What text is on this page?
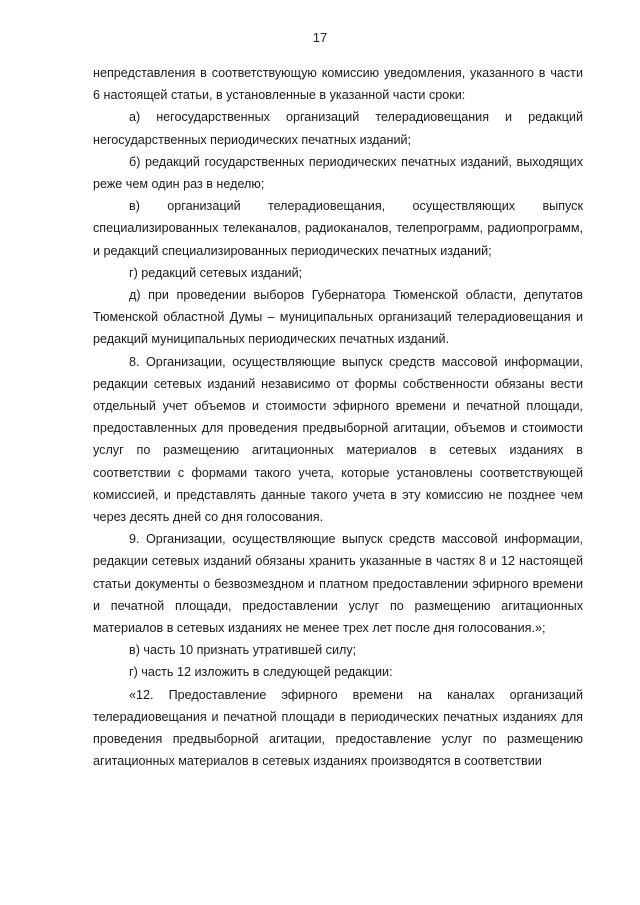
17

непредставления в соответствующую комиссию уведомления, указанного в части 6 настоящей статьи, в установленные в указанной части сроки:

а) негосударственных организаций телерадиовещания и редакций негосударственных периодических печатных изданий;

б) редакций государственных периодических печатных изданий, выходящих реже чем один раз в неделю;

в) организаций телерадиовещания, осуществляющих выпуск специализированных телеканалов, радиоканалов, телепрограмм, радиопрограмм, и редакций специализированных периодических печатных изданий;

г) редакций сетевых изданий;

д) при проведении выборов Губернатора Тюменской области, депутатов Тюменской областной Думы – муниципальных организаций телерадиовещания и редакций муниципальных периодических печатных изданий.

8. Организации, осуществляющие выпуск средств массовой информации, редакции сетевых изданий независимо от формы собственности обязаны вести отдельный учет объемов и стоимости эфирного времени и печатной площади, предоставленных для проведения предвыборной агитации, объемов и стоимости услуг по размещению агитационных материалов в сетевых изданиях в соответствии с формами такого учета, которые установлены соответствующей комиссией, и представлять данные такого учета в эту комиссию не позднее чем через десять дней со дня голосования.

9. Организации, осуществляющие выпуск средств массовой информации, редакции сетевых изданий обязаны хранить указанные в частях 8 и 12 настоящей статьи документы о безвозмездном и платном предоставлении эфирного времени и печатной площади, предоставлении услуг по размещению агитационных материалов в сетевых изданиях не менее трех лет после дня голосования.»;

в) часть 10 признать утратившей силу;

г) часть 12 изложить в следующей редакции:

«12. Предоставление эфирного времени на каналах организаций телерадиовещания и печатной площади в периодических печатных изданиях для проведения предвыборной агитации, предоставление услуг по размещению агитационных материалов в сетевых изданиях производятся в соответствии
